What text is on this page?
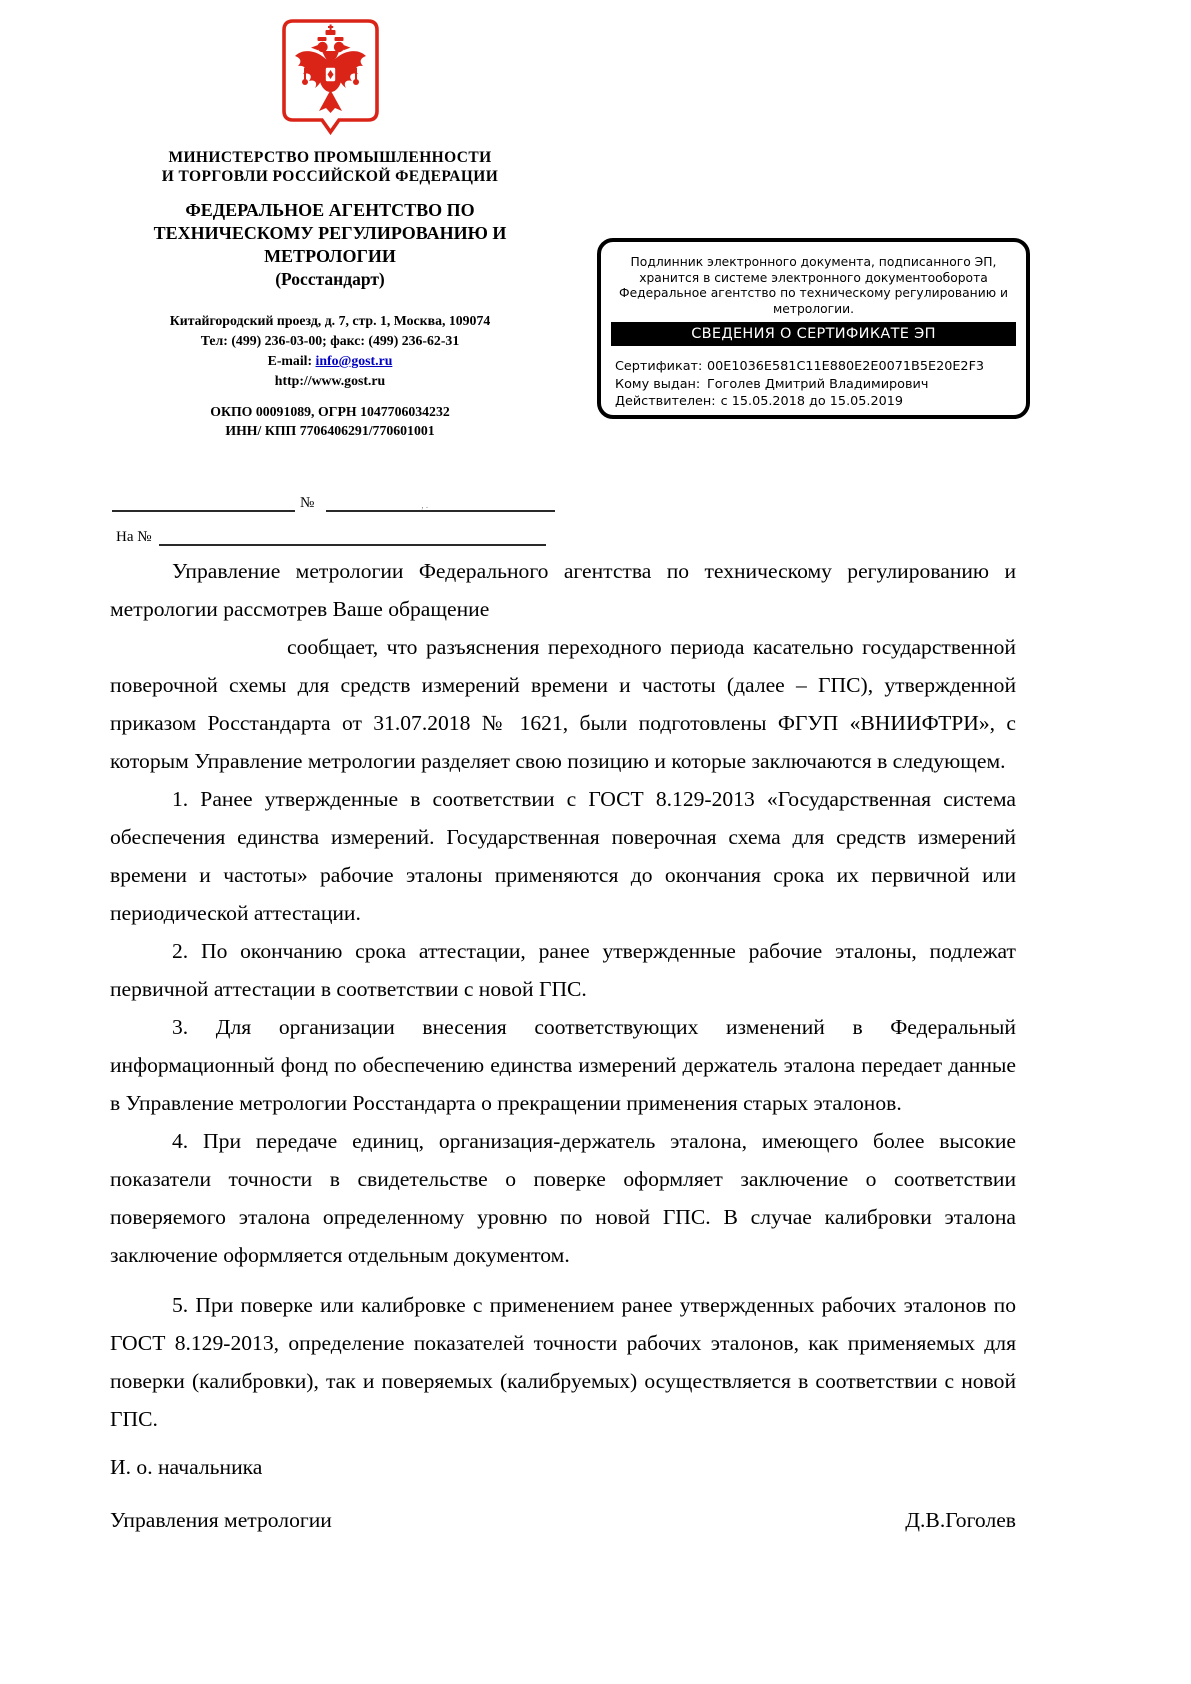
МИНИСТЕРСТВО ПРОМЫШЛЕННОСТИ
И ТОРГОВЛИ РОССИЙСКОЙ ФЕДЕРАЦИИ
ФЕДЕРАЛЬНОЕ АГЕНТСТВО ПО
ТЕХНИЧЕСКОМУ РЕГУЛИРОВАНИЮ И
МЕТРОЛОГИИ
(Росстандарт)
Китайгородский проезд, д. 7, стр. 1, Москва, 109074
Тел: (499) 236-03-00; факс: (499) 236-62-31
E-mail: info@gost.ru
http://www.gost.ru
ОКПО 00091089, ОГРН 1047706034232
ИНН/ КПП 7706406291/770601001
Подлинник электронного документа, подписанного ЭП,
хранится в системе электронного документооборота
Федеральное агентство по техническому регулированию и
метрологии.
СВЕДЕНИЯ О СЕРТИФИКАТЕ ЭП
Сертификат: 00E1036E581C11E880E2E0071B5E20E2F3
Кому выдан: Гоголев Дмитрий Владимирович
Действителен: с 15.05.2018 до 15.05.2019
№	, .
На №

Управление метрологии Федерального агентства по техническому регулированию и метрологии рассмотрев Ваше обращение

сообщает, что разъяснения переходного периода касательно государственной поверочной схемы для средств измерений времени и частоты (далее – ГПС), утвержденной приказом Росстандарта от 31.07.2018 № 1621, были подготовлены ФГУП «ВНИИФТРИ», с которым Управление метрологии разделяет свою позицию и которые заключаются в следующем.

1. Ранее утвержденные в соответствии с ГОСТ 8.129-2013 «Государственная система обеспечения единства измерений. Государственная поверочная схема для средств измерений времени и частоты» рабочие эталоны применяются до окончания срока их первичной или периодической аттестации.

2. По окончанию срока аттестации, ранее утвержденные рабочие эталоны, подлежат первичной аттестации в соответствии с новой ГПС.

3. Для организации внесения соответствующих изменений в Федеральный информационный фонд по обеспечению единства измерений держатель эталона передает данные в Управление метрологии Росстандарта о прекращении применения старых эталонов.

4. При передаче единиц, организация-держатель эталона, имеющего более высокие показатели точности в свидетельстве о поверке оформляет заключение о соответствии поверяемого эталона определенному уровню по новой ГПС. В случае калибровки эталона заключение оформляется отдельным документом.

5. При поверке или калибровке с применением ранее утвержденных рабочих эталонов по ГОСТ 8.129-2013, определение показателей точности рабочих эталонов, как применяемых для поверки (калибровки), так и поверяемых (калибруемых) осуществляется в соответствии с новой ГПС.

И. о. начальника
Управления метрологии	Д.В.Гоголев
